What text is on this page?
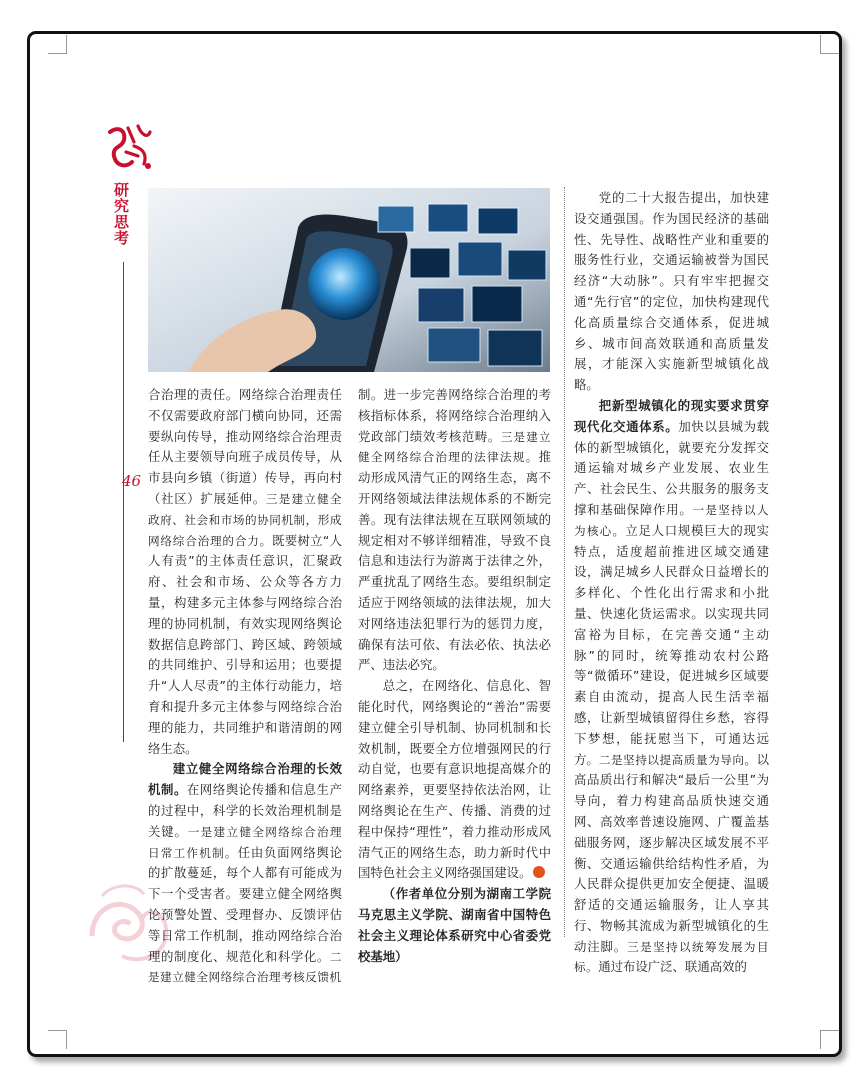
研究思考
46

合治理的责任。网络综合治理责任不仅需要政府部门横向协同，还需要纵向传导，推动网络综合治理责任从主要领导向班子成员传导，从市县向乡镇（街道）传导，再向村（社区）扩展延伸。三是建立健全政府、社会和市场的协同机制，形成网络综合治理的合力。既要树立“人人有责”的主体责任意识，汇聚政府、社会和市场、公众等各方力量，构建多元主体参与网络综合治理的协同机制，有效实现网络舆论数据信息跨部门、跨区域、跨领域的共同维护、引导和运用；也要提升“人人尽责”的主体行动能力，培育和提升多元主体参与网络综合治理的能力，共同维护和谐清朗的网络生态。

建立健全网络综合治理的长效机制。在网络舆论传播和信息生产的过程中，科学的长效治理机制是关键。一是建立健全网络综合治理日常工作机制。任由负面网络舆论的扩散蔓延，每个人都有可能成为下一个受害者。要建立健全网络舆论预警处置、受理督办、反馈评估等日常工作机制，推动网络综合治理的制度化、规范化和科学化。二是建立健全网络综合治理考核反馈机

制。进一步完善网络综合治理的考核指标体系，将网络综合治理纳入党政部门绩效考核范畴。三是建立健全网络综合治理的法律法规。推动形成风清气正的网络生态，离不开网络领域法律法规体系的不断完善。现有法律法规在互联网领域的规定相对不够详细精准，导致不良信息和违法行为游离于法律之外，严重扰乱了网络生态。要组织制定适应于网络领域的法律法规，加大对网络违法犯罪行为的惩罚力度，确保有法可依、有法必依、执法必严、违法必究。

总之，在网络化、信息化、智能化时代，网络舆论的“善治”需要建立健全引导机制、协同机制和长效机制，既要全方位增强网民的行动自觉，也要有意识地提高媒介的网络素养，更要坚持依法治网，让网络舆论在生产、传播、消费的过程中保持“理性”，着力推动形成风清气正的网络生态，助力新时代中国特色社会主义网络强国建设。

（作者单位分别为湖南工学院马克思主义学院、湖南省中国特色社会主义理论体系研究中心省委党校基地）

党的二十大报告提出，加快建设交通强国。作为国民经济的基础性、先导性、战略性产业和重要的服务性行业，交通运输被誉为国民经济“大动脉”。只有牢牢把握交通“先行官”的定位，加快构建现代化高质量综合交通体系，促进城乡、城市间高效联通和高质量发展，才能深入实施新型城镇化战略。

把新型城镇化的现实要求贯穿现代化交通体系。加快以县城为载体的新型城镇化，就要充分发挥交通运输对城乡产业发展、农业生产、社会民生、公共服务的服务支撑和基础保障作用。一是坚持以人为核心。立足人口规模巨大的现实特点，适度超前推进区域交通建设，满足城乡人民群众日益增长的多样化、个性化出行需求和小批量、快速化货运需求。以实现共同富裕为目标，在完善交通“主动脉”的同时，统筹推动农村公路等“微循环”建设，促进城乡区域要素自由流动，提高人民生活幸福感，让新型城镇留得住乡愁，容得下梦想，能抚慰当下，可通达远方。二是坚持以提高质量为导向。以高品质出行和解决“最后一公里”为导向，着力构建高品质快速交通网、高效率普速设施网、广覆盖基础服务网，逐步解决区域发展不平衡、交通运输供给结构性矛盾，为人民群众提供更加安全便捷、温暖舒适的交通运输服务，让人享其行、物畅其流成为新型城镇化的生动注脚。三是坚持以统筹发展为目标。通过布设广泛、联通高效的
